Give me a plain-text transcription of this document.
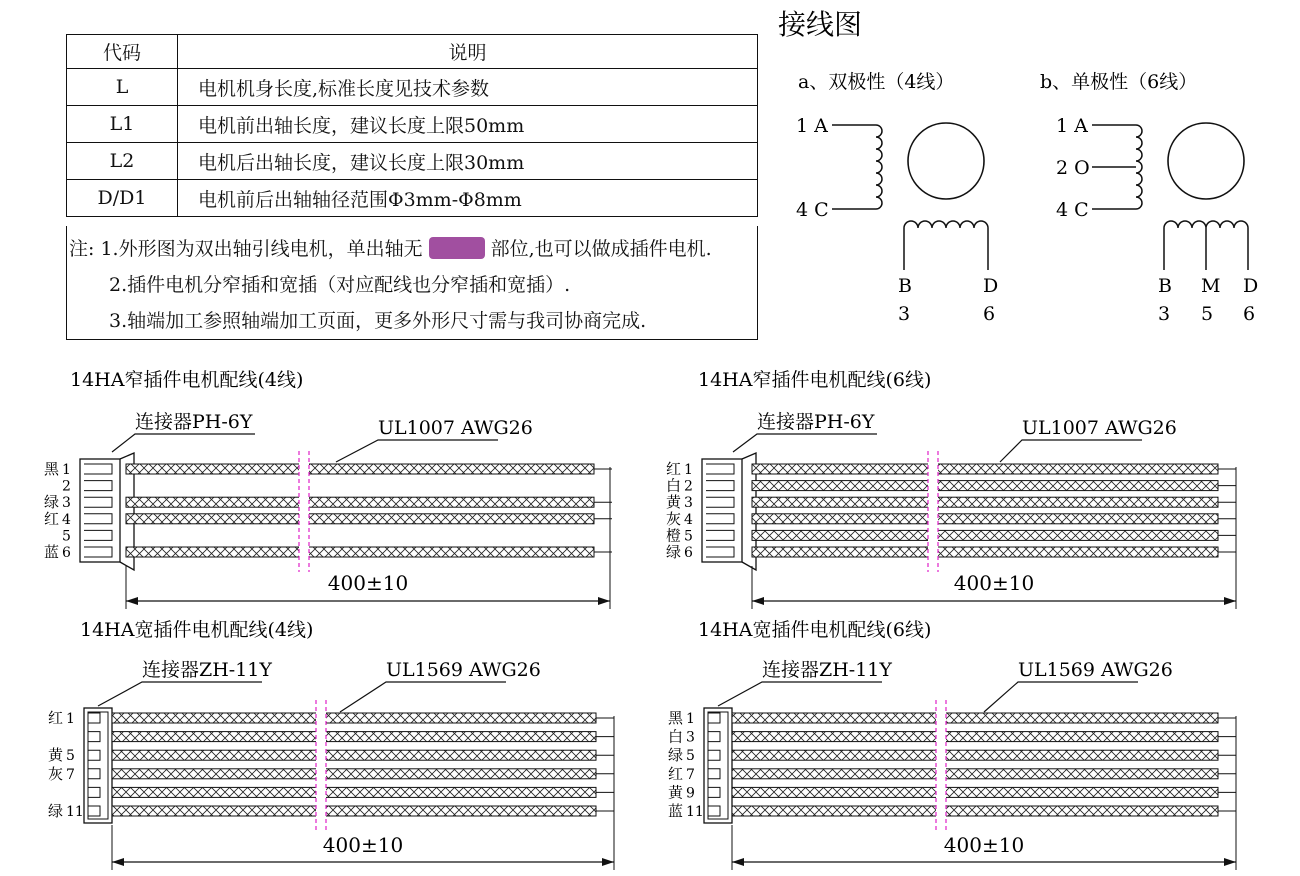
代码	说明
L	电机机身长度,标准长度见技术参数
L1	电机前出轴长度，建议长度上限50mm
L2	电机后出轴长度，建议长度上限30mm
D/D1	电机前后出轴轴径范围Φ3mm-Φ8mm
注: 1.外形图为双出轴引线电机，单出轴无	部位,也可以做成插件电机.
2.插件电机分窄插和宽插（对应配线也分窄插和宽插）.
3.轴端加工参照轴端加工页面，更多外形尺寸需与我司协商完成.
接线图
a、双极性（4线）
1 A
4 C
B
3
D
6
b、单极性（6线）
1 A
2 O
4 C
B
3
M
5
D
6
14HA窄插件电机配线(4线)
连接器PH-6Y	UL1007 AWG26
黑 1
2
绿 3
红 4
5
蓝 6
400±10
14HA窄插件电机配线(6线)
连接器PH-6Y	UL1007 AWG26
红 1
白 2
黄 3
灰 4
橙 5
绿 6
400±10
14HA宽插件电机配线(4线)
连接器ZH-11Y	UL1569 AWG26
红 1
黄 5
灰 7
绿 11
400±10
14HA宽插件电机配线(6线)
连接器ZH-11Y	UL1569 AWG26
黑 1
白 3
绿 5
红 7
黄 9
蓝 11
400±10
